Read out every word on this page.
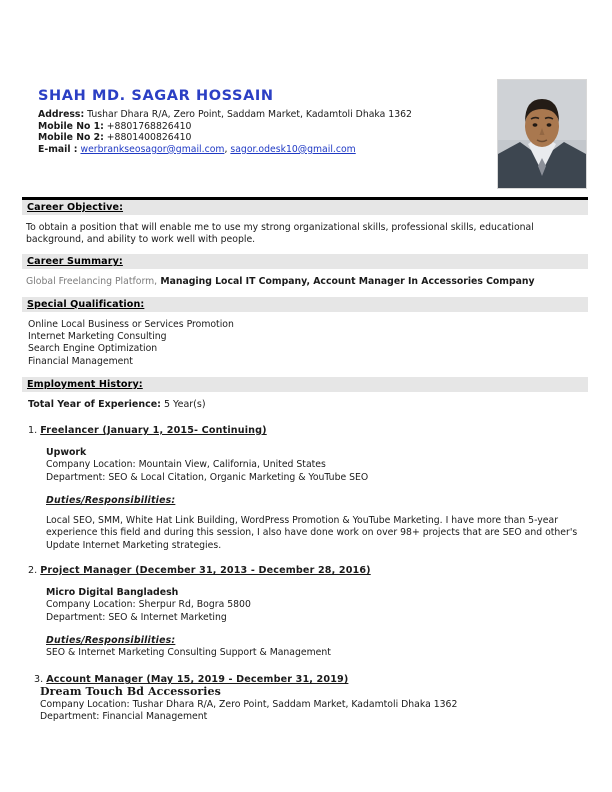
SHAH MD. SAGAR HOSSAIN
Address: Tushar Dhara R/A, Zero Point, Saddam Market, Kadamtoli Dhaka 1362
Mobile No 1: +8801768826410
Mobile No 2: +8801400826410
E-mail : werbrankseosagor@gmail.com, sagor.odesk10@gmail.com
Career Objective:
To obtain a position that will enable me to use my strong organizational skills, professional skills, educational background, and ability to work well with people.
Career Summary:
Global Freelancing Platform, Managing Local IT Company, Account Manager In Accessories Company
Special Qualification:
Online Local Business or Services Promotion
Internet Marketing Consulting
Search Engine Optimization
Financial Management
Employment History:
Total Year of Experience: 5 Year(s)
1. Freelancer (January 1, 2015- Continuing)
Upwork
Company Location: Mountain View, California, United States
Department: SEO & Local Citation, Organic Marketing & YouTube SEO
Duties/Responsibilities:
Local SEO, SMM, White Hat Link Building, WordPress Promotion & YouTube Marketing. I have more than 5-year experience this field and during this session, I also have done work on over 98+ projects that are SEO and other's Update Internet Marketing strategies.
2. Project Manager (December 31, 2013 - December 28, 2016)
Micro Digital Bangladesh
Company Location: Sherpur Rd, Bogra 5800
Department: SEO & Internet Marketing
Duties/Responsibilities:
SEO & Internet Marketing Consulting Support & Management
3. Account Manager (May 15, 2019 - December 31, 2019)
Dream Touch Bd Accessories
Company Location: Tushar Dhara R/A, Zero Point, Saddam Market, Kadamtoli Dhaka 1362
Department: Financial Management
